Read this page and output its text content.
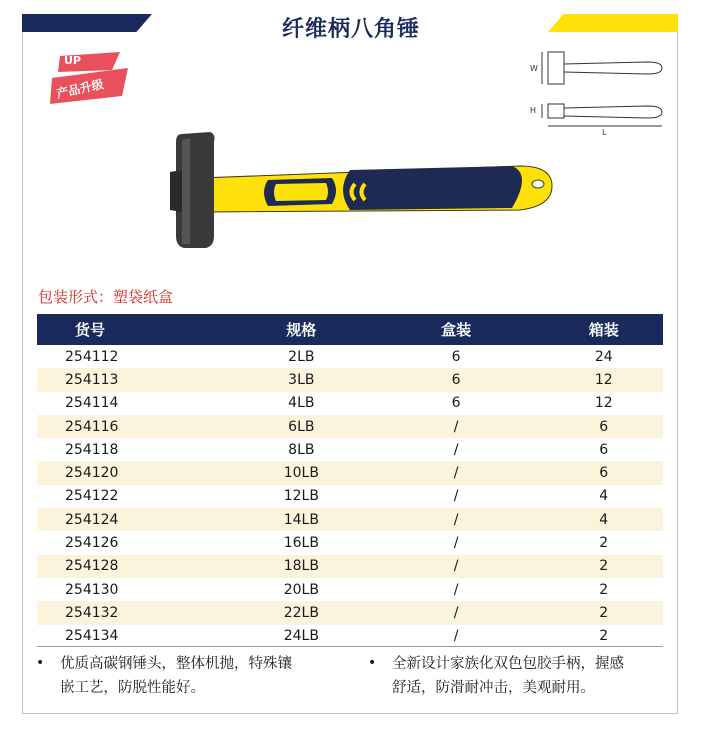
纤维柄八角锤
UP
产品升级
W
H
L
包装形式：塑袋纸盒
货号	规格	盒装	箱装
254112	2LB	6	24
254113	3LB	6	12
254114	4LB	6	12
254116	6LB	/	6
254118	8LB	/	6
254120	10LB	/	6
254122	12LB	/	4
254124	14LB	/	4
254126	16LB	/	2
254128	18LB	/	2
254130	20LB	/	2
254132	22LB	/	2
254134	24LB	/	2
• 优质高碳钢锤头，整体机抛，特殊镶
嵌工艺，防脱性能好。
• 全新设计家族化双色包胶手柄，握感
舒适，防滑耐冲击，美观耐用。
